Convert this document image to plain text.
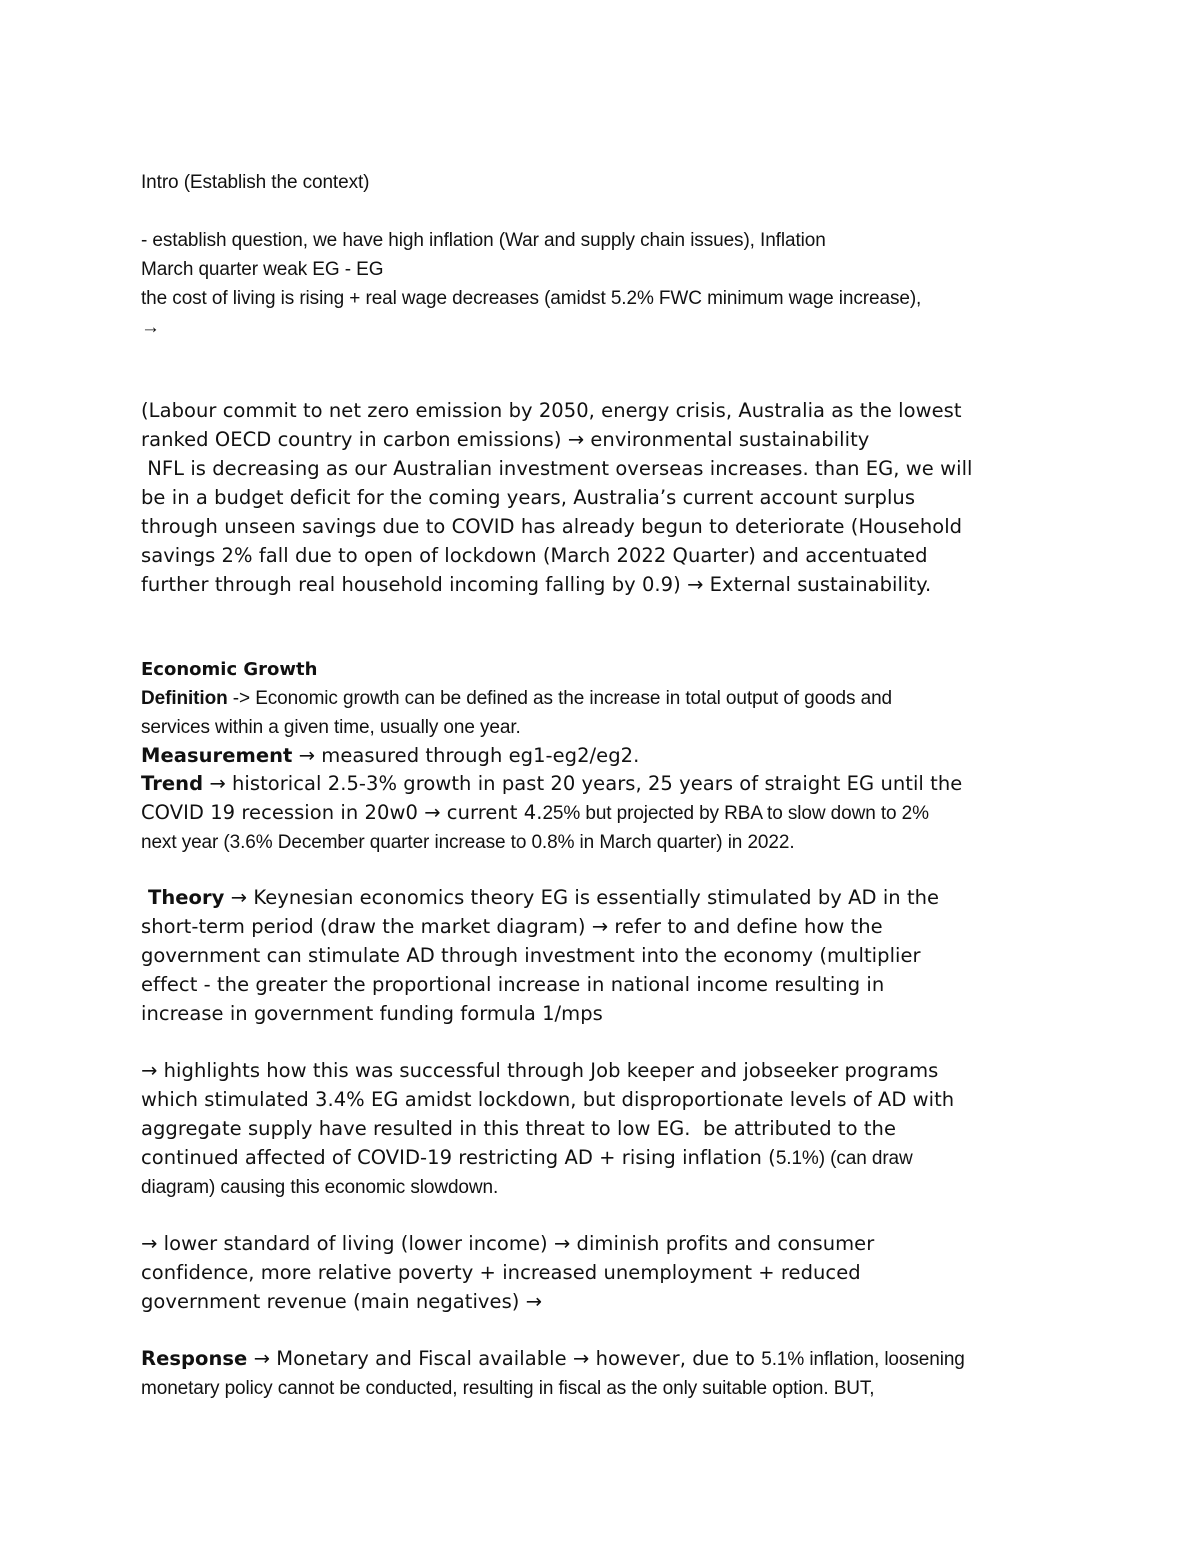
Intro (Establish the context)
- establish question, we have high inflation (War and supply chain issues), Inflation
March quarter weak EG - EG
the cost of living is rising + real wage decreases (amidst 5.2% FWC minimum wage increase),
→
(Labour commit to net zero emission by 2050, energy crisis, Australia as the lowest
ranked OECD country in carbon emissions) → environmental sustainability
NFL is decreasing as our Australian investment overseas increases. than EG, we will
be in a budget deficit for the coming years, Australia’s current account surplus
through unseen savings due to COVID has already begun to deteriorate (Household
savings 2% fall due to open of lockdown (March 2022 Quarter) and accentuated
further through real household incoming falling by 0.9) → External sustainability.
Economic Growth
Definition -> Economic growth can be defined as the increase in total output of goods and
services within a given time, usually one year.
Measurement → measured through eg1-eg2/eg2.
Trend → historical 2.5-3% growth in past 20 years, 25 years of straight EG until the
COVID 19 recession in 20w0 → current 4.25% but projected by RBA to slow down to 2%
next year (3.6% December quarter increase to 0.8% in March quarter) in 2022.
Theory → Keynesian economics theory EG is essentially stimulated by AD in the
short-term period (draw the market diagram) → refer to and define how the
government can stimulate AD through investment into the economy (multiplier
effect - the greater the proportional increase in national income resulting in
increase in government funding formula 1/mps
→ highlights how this was successful through Job keeper and jobseeker programs
which stimulated 3.4% EG amidst lockdown, but disproportionate levels of AD with
aggregate supply have resulted in this threat to low EG.  be attributed to the
continued affected of COVID-19 restricting AD + rising inflation (5.1%) (can draw
diagram) causing this economic slowdown.
→ lower standard of living (lower income) → diminish profits and consumer
confidence, more relative poverty + increased unemployment + reduced
government revenue (main negatives) →
Response → Monetary and Fiscal available → however, due to 5.1% inflation, loosening
monetary policy cannot be conducted, resulting in fiscal as the only suitable option. BUT,
